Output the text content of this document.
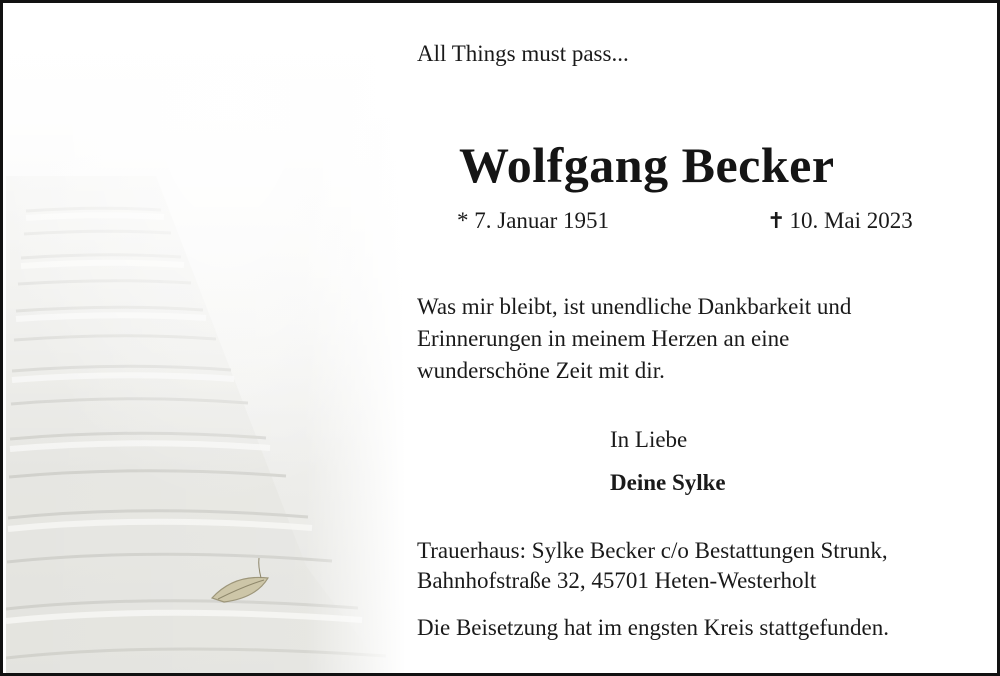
All Things must pass...

Wolfgang Becker

* 7. Januar 1951	✝ 10. Mai 2023

Was mir bleibt, ist unendliche Dankbarkeit und
Erinnerungen in meinem Herzen an eine
wunderschöne Zeit mit dir.

In Liebe

Deine Sylke

Trauerhaus: Sylke Becker c/o Bestattungen Strunk,
Bahnhofstraße 32, 45701 Heten-Westerholt

Die Beisetzung hat im engsten Kreis stattgefunden.
